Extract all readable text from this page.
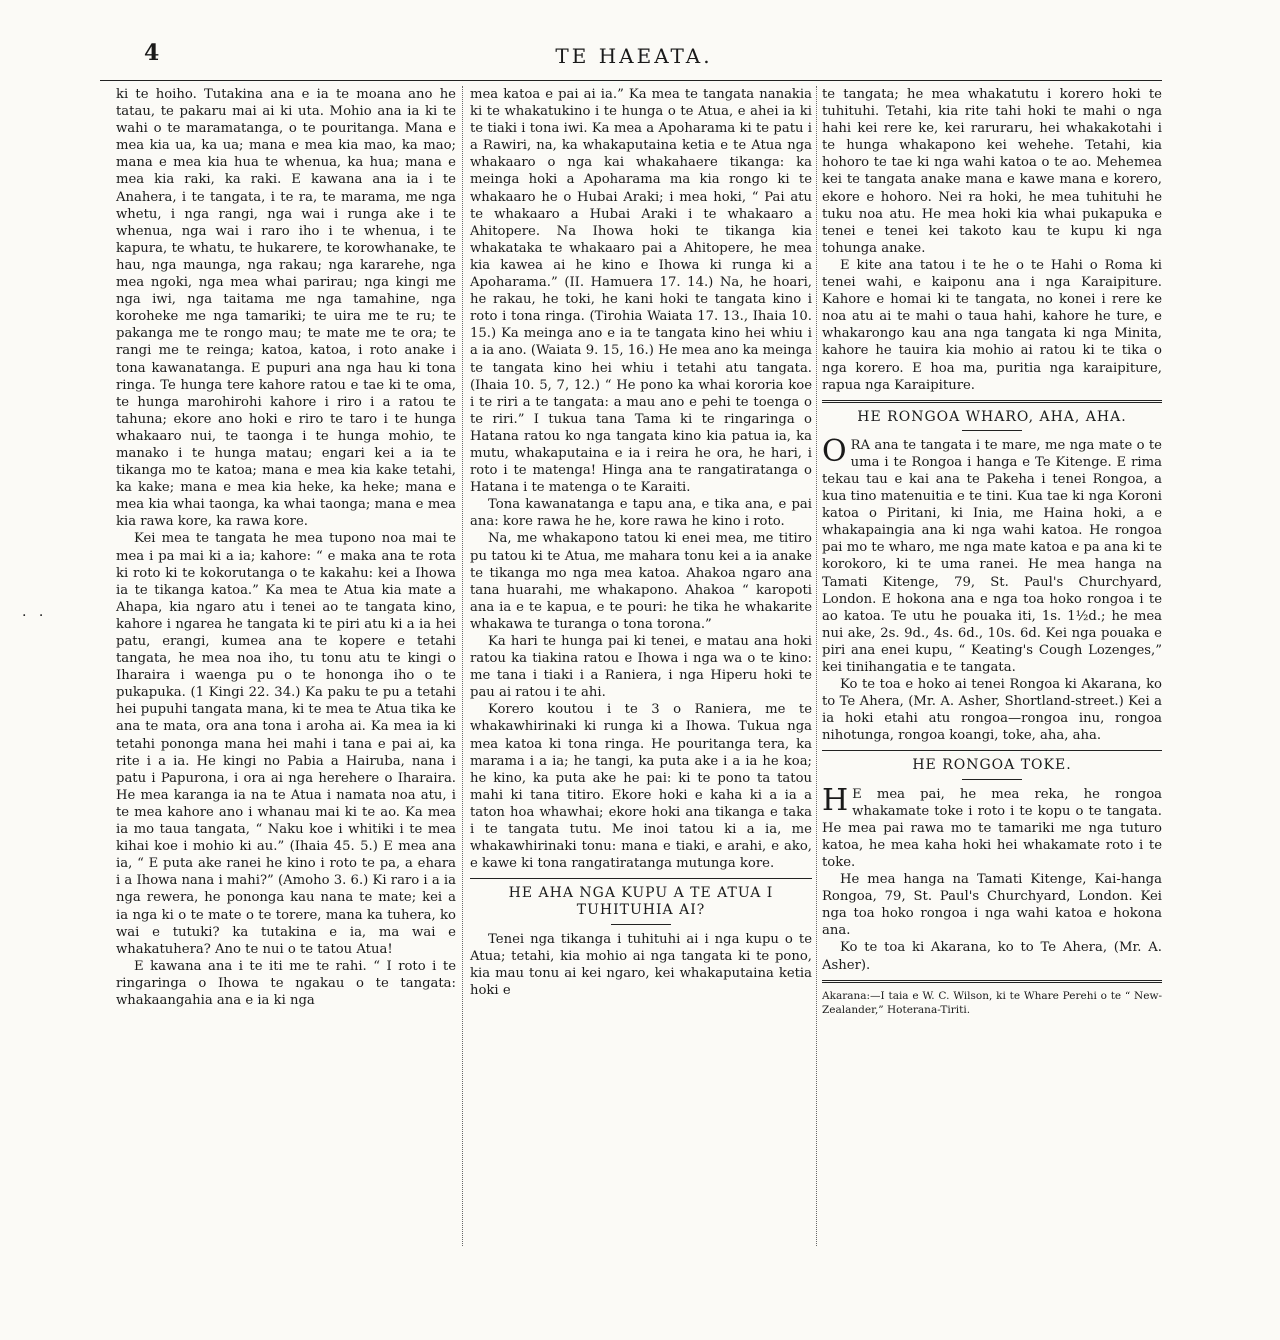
4	TE HAEATA.
. .

ki te hoiho. Tutakina ana e ia te moana ano he tatau, te pakaru mai ai ki uta. Mohio ana ia ki te wahi o te maramatanga, o te pouritanga. Mana e mea kia ua, ka ua; mana e mea kia mao, ka mao; mana e mea kia hua te whenua, ka hua; mana e mea kia raki, ka raki. E kawana ana ia i te Anahera, i te tangata, i te ra, te marama, me nga whetu, i nga rangi, nga wai i runga ake i te whenua, nga wai i raro iho i te whenua, i te kapura, te whatu, te hukarere, te korowhanake, te hau, nga maunga, nga rakau; nga kararehe, nga mea ngoki, nga mea whai parirau; nga kingi me nga iwi, nga taitama me nga tamahine, nga koroheke me nga tamariki; te uira me te ru; te pakanga me te rongo mau; te mate me te ora; te rangi me te reinga; katoa, katoa, i roto anake i tona kawanatanga. E pupuri ana nga hau ki tona ringa. Te hunga tere kahore ratou e tae ki te oma, te hunga marohirohi kahore i riro i a ratou te tahuna; ekore ano hoki e riro te taro i te hunga whakaaro nui, te taonga i te hunga mohio, te manako i te hunga matau; engari kei a ia te tikanga mo te katoa; mana e mea kia kake tetahi, ka kake; mana e mea kia heke, ka heke; mana e mea kia whai taonga, ka whai taonga; mana e mea kia rawa kore, ka rawa kore.

Kei mea te tangata he mea tupono noa mai te mea i pa mai ki a ia; kahore: “ e maka ana te rota ki roto ki te kokorutanga o te kakahu: kei a Ihowa ia te tikanga katoa.” Ka mea te Atua kia mate a Ahapa, kia ngaro atu i tenei ao te tangata kino, kahore i ngarea he tangata ki te piri atu ki a ia hei patu, erangi, kumea ana te kopere e tetahi tangata, he mea noa iho, tu tonu atu te kingi o Iharaira i waenga pu o te hononga iho o te pukapuka. (1 Kingi 22. 34.) Ka paku te pu a tetahi hei pupuhi tangata mana, ki te mea te Atua tika ke ana te mata, ora ana tona i aroha ai. Ka mea ia ki tetahi pononga mana hei mahi i tana e pai ai, ka rite i a ia. He kingi no Pabia a Hairuba, nana i patu i Papurona, i ora ai nga herehere o Iharaira. He mea karanga ia na te Atua i namata noa atu, i te mea kahore ano i whanau mai ki te ao. Ka mea ia mo taua tangata, “ Naku koe i whitiki i te mea kihai koe i mohio ki au.” (Ihaia 45. 5.) E mea ana ia, “ E puta ake ranei he kino i roto te pa, a ehara i a Ihowa nana i mahi?” (Amoho 3. 6.) Ki raro i a ia nga rewera, he pononga kau nana te mate; kei a ia nga ki o te mate o te torere, mana ka tuhera, ko wai e tutuki? ka tutakina e ia, ma wai e whakatuhera? Ano te nui o te tatou Atua!

E kawana ana i te iti me te rahi. “ I roto i te ringaringa o Ihowa te ngakau o te tangata: whakaangahia ana e ia ki nga

mea katoa e pai ai ia.” Ka mea te tangata nanakia ki te whakatukino i te hunga o te Atua, e ahei ia ki te tiaki i tona iwi. Ka mea a Apoharama ki te patu i a Rawiri, na, ka whakaputaina ketia e te Atua nga whakaaro o nga kai whakahaere tikanga: ka meinga hoki a Apoharama ma kia rongo ki te whakaaro he o Hubai Araki; i mea hoki, “ Pai atu te whakaaro a Hubai Araki i te whakaaro a Ahitopere. Na Ihowa hoki te tikanga kia whakataka te whakaaro pai a Ahitopere, he mea kia kawea ai he kino e Ihowa ki runga ki a Apoharama.” (II. Hamuera 17. 14.) Na, he hoari, he rakau, he toki, he kani hoki te tangata kino i roto i tona ringa. (Tirohia Waiata 17. 13., Ihaia 10. 15.) Ka meinga ano e ia te tangata kino hei whiu i a ia ano. (Waiata 9. 15, 16.) He mea ano ka meinga te tangata kino hei whiu i tetahi atu tangata. (Ihaia 10. 5, 7, 12.) “ He pono ka whai kororia koe i te riri a te tangata: a mau ano e pehi te toenga o te riri.” I tukua tana Tama ki te ringaringa o Hatana ratou ko nga tangata kino kia patua ia, ka mutu, whakaputaina e ia i reira he ora, he hari, i roto i te matenga! Hinga ana te rangatiratanga o Hatana i te matenga o te Karaiti.

Tona kawanatanga e tapu ana, e tika ana, e pai ana: kore rawa he he, kore rawa he kino i roto.

Na, me whakapono tatou ki enei mea, me titiro pu tatou ki te Atua, me mahara tonu kei a ia anake te tikanga mo nga mea katoa. Ahakoa ngaro ana tana huarahi, me whakapono. Ahakoa “ karopoti ana ia e te kapua, e te pouri: he tika he whakarite whakawa te turanga o tona torona.”

Ka hari te hunga pai ki tenei, e matau ana hoki ratou ka tiakina ratou e Ihowa i nga wa o te kino: me tana i tiaki i a Raniera, i nga Hiperu hoki te pau ai ratou i te ahi.

Korero koutou i te 3 o Raniera, me te whakawhirinaki ki runga ki a Ihowa. Tukua nga mea katoa ki tona ringa. He pouritanga tera, ka marama i a ia; he tangi, ka puta ake i a ia he koa; he kino, ka puta ake he pai: ki te pono ta tatou mahi ki tana titiro. Ekore hoki e kaha ki a ia a taton hoa whawhai; ekore hoki ana tikanga e taka i te tangata tutu. Me inoi tatou ki a ia, me whakawhirinaki tonu: mana e tiaki, e arahi, e ako, e kawe ki tona rangatiratanga mutunga kore.

HE AHA NGA KUPU A TE ATUA I TUHITUHIA AI?

Tenei nga tikanga i tuhituhi ai i nga kupu o te Atua; tetahi, kia mohio ai nga tangata ki te pono, kia mau tonu ai kei ngaro, kei whakaputaina ketia hoki e

te tangata; he mea whakatutu i korero hoki te tuhituhi. Tetahi, kia rite tahi hoki te mahi o nga hahi kei rere ke, kei raruraru, hei whakakotahi i te hunga whakapono kei wehehe. Tetahi, kia hohoro te tae ki nga wahi katoa o te ao. Mehemea kei te tangata anake mana e kawe mana e korero, ekore e hohoro. Nei ra hoki, he mea tuhituhi he tuku noa atu. He mea hoki kia whai pukapuka e tenei e tenei kei takoto kau te kupu ki nga tohunga anake.

E kite ana tatou i te he o te Hahi o Roma ki tenei wahi, e kaiponu ana i nga Karaipiture. Kahore e homai ki te tangata, no konei i rere ke noa atu ai te mahi o taua hahi, kahore he ture, e whakarongo kau ana nga tangata ki nga Minita, kahore he tauira kia mohio ai ratou ki te tika o nga korero. E hoa ma, puritia nga karaipiture, rapua nga Karaipiture.

HE RONGOA WHARO, AHA, AHA.

ORA ana te tangata i te mare, me nga mate o te uma i te Rongoa i hanga e Te Kitenge. E rima tekau tau e kai ana te Pakeha i tenei Rongoa, a kua tino matenuitia e te tini. Kua tae ki nga Koroni katoa o Piritani, ki Inia, me Haina hoki, a e whakapaingia ana ki nga wahi katoa. He rongoa pai mo te wharo, me nga mate katoa e pa ana ki te korokoro, ki te uma ranei. He mea hanga na Tamati Kitenge, 79, St. Paul's Churchyard, London. E hokona ana e nga toa hoko rongoa i te ao katoa. Te utu he pouaka iti, 1s. 1½d.; he mea nui ake, 2s. 9d., 4s. 6d., 10s. 6d. Kei nga pouaka e piri ana enei kupu, “ Keating's Cough Lozenges,” kei tinihangatia e te tangata.

Ko te toa e hoko ai tenei Rongoa ki Akarana, ko to Te Ahera, (Mr. A. Asher, Shortland-street.) Kei a ia hoki etahi atu rongoa—rongoa inu, rongoa nihotunga, rongoa koangi, toke, aha, aha.

HE RONGOA TOKE.

H E mea pai, he mea reka, he rongoa whakamate toke i roto i te kopu o te tangata. He mea pai rawa mo te tamariki me nga tuturo katoa, he mea kaha hoki hei whakamate roto i te toke.

He mea hanga na Tamati Kitenge, Kai-hanga Rongoa, 79, St. Paul's Churchyard, London. Kei nga toa hoko rongoa i nga wahi katoa e hokona ana.

Ko te toa ki Akarana, ko to Te Ahera, (Mr. A. Asher).

Akarana:—I taia e W. C. Wilson, ki te Whare Perehi o te “ New-Zealander,” Hoterana-Tiriti.
